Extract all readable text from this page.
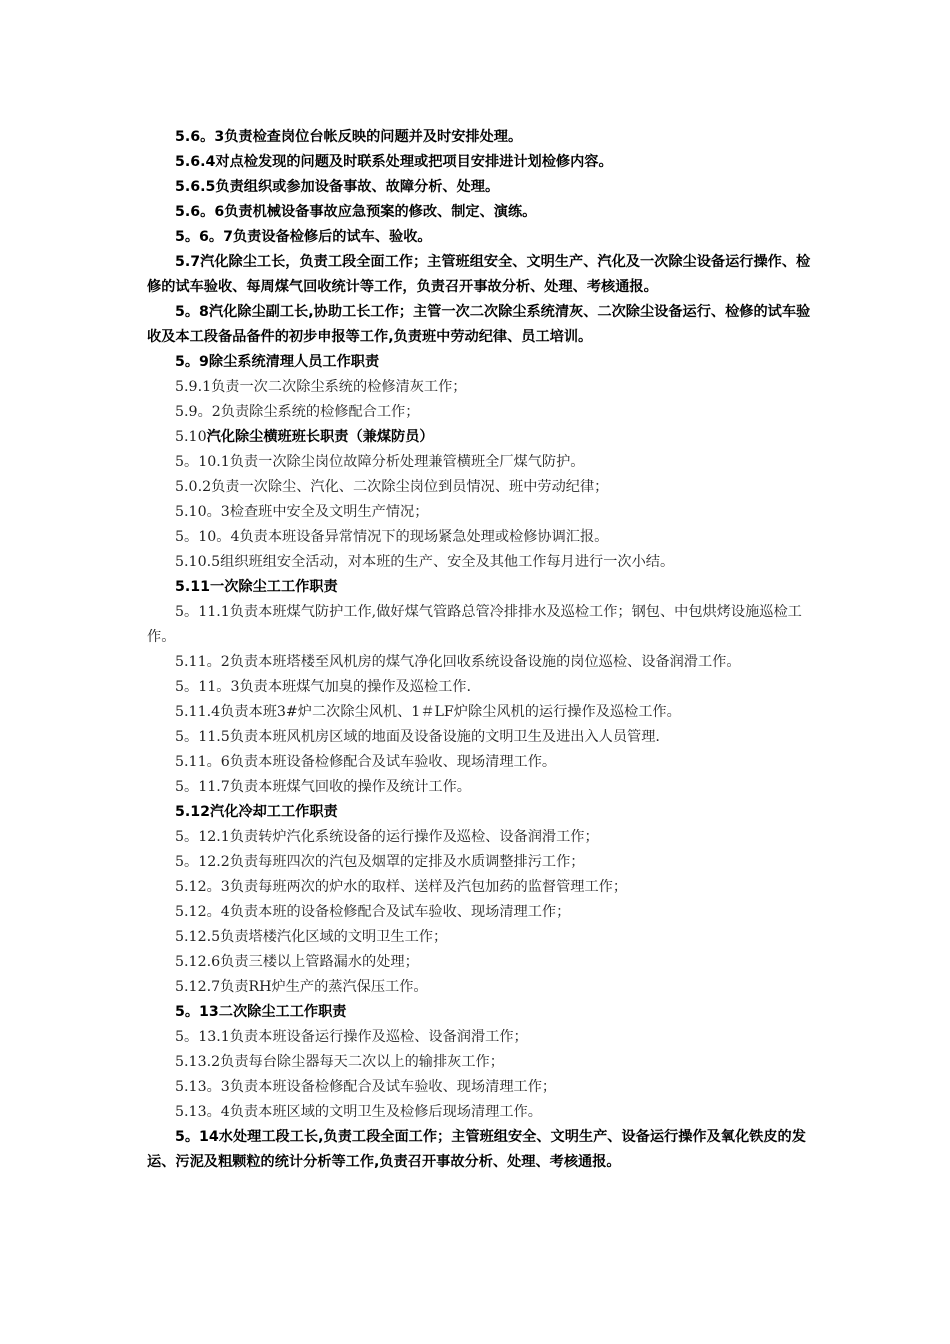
5.6。3负责检查岗位台帐反映的问题并及时安排处理。

5.6.4对点检发现的问题及时联系处理或把项目安排进计划检修内容。

5.6.5负责组织或参加设备事故、故障分析、处理。

5.6。6负责机械设备事故应急预案的修改、制定、演练。

5。6。7负责设备检修后的试车、验收。

5.7汽化除尘工长，负责工段全面工作；主管班组安全、文明生产、汽化及一次除尘设备运行操作、检修的试车验收、每周煤气回收统计等工作，负责召开事故分析、处理、考核通报。

5。8汽化除尘副工长,协助工长工作；主管一次二次除尘系统清灰、二次除尘设备运行、检修的试车验收及本工段备品备件的初步申报等工作,负责班中劳动纪律、员工培训。

5。9除尘系统清理人员工作职责

5.9.1负责一次二次除尘系统的检修清灰工作；

5.9。2负责除尘系统的检修配合工作；

5.10汽化除尘横班班长职责（兼煤防员）

5。10.1负责一次除尘岗位故障分析处理兼管横班全厂煤气防护。

5.0.2负责一次除尘、汽化、二次除尘岗位到员情况、班中劳动纪律；

5.10。3检查班中安全及文明生产情况；

5。10。4负责本班设备异常情况下的现场紧急处理或检修协调汇报。

5.10.5组织班组安全活动，对本班的生产、安全及其他工作每月进行一次小结。

5.11一次除尘工工作职责

5。11.1负责本班煤气防护工作,做好煤气管路总管冷排排水及巡检工作；钢包、中包烘烤设施巡检工作。

5.11。2负责本班塔楼至风机房的煤气净化回收系统设备设施的岗位巡检、设备润滑工作。

5。11。3负责本班煤气加臭的操作及巡检工作.

5.11.4负责本班3#炉二次除尘风机、1＃LF炉除尘风机的运行操作及巡检工作。

5。11.5负责本班风机房区域的地面及设备设施的文明卫生及进出入人员管理.

5.11。6负责本班设备检修配合及试车验收、现场清理工作。

5。11.7负责本班煤气回收的操作及统计工作。

5.12汽化冷却工工作职责

5。12.1负责转炉汽化系统设备的运行操作及巡检、设备润滑工作；

5。12.2负责每班四次的汽包及烟罩的定排及水质调整排污工作；

5.12。3负责每班两次的炉水的取样、送样及汽包加药的监督管理工作；

5.12。4负责本班的设备检修配合及试车验收、现场清理工作；

5.12.5负责塔楼汽化区域的文明卫生工作；

5.12.6负责三楼以上管路漏水的处理；

5.12.7负责RH炉生产的蒸汽保压工作。

5。13二次除尘工工作职责

5。13.1负责本班设备运行操作及巡检、设备润滑工作；

5.13.2负责每台除尘器每天二次以上的输排灰工作；

5.13。3负责本班设备检修配合及试车验收、现场清理工作；

5.13。4负责本班区域的文明卫生及检修后现场清理工作。

5。14水处理工段工长,负责工段全面工作；主管班组安全、文明生产、设备运行操作及氧化铁皮的发运、污泥及粗颗粒的统计分析等工作,负责召开事故分析、处理、考核通报。
